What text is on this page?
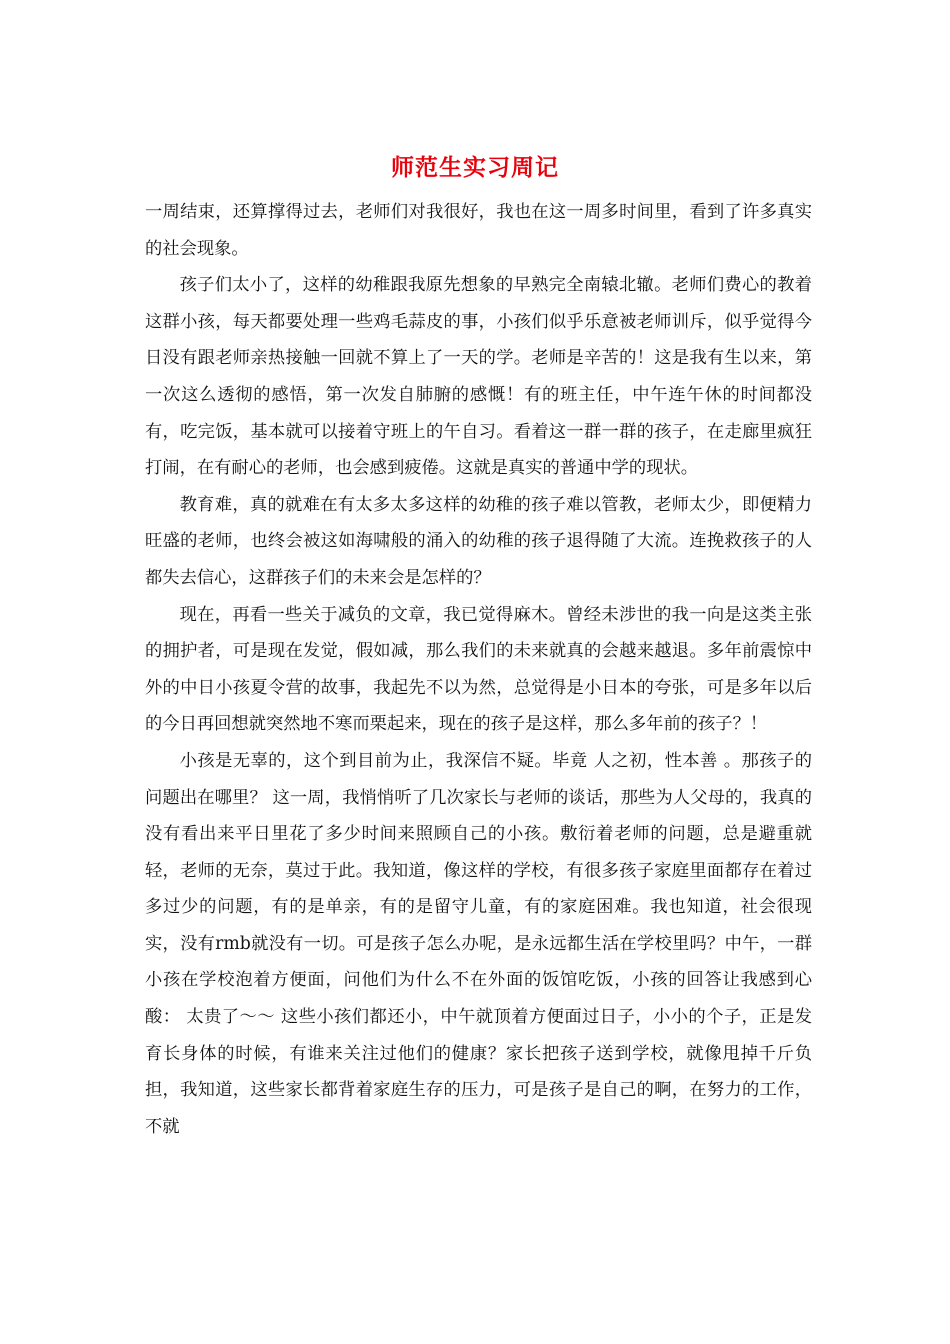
师范生实习周记

一周结束，还算撑得过去，老师们对我很好，我也在这一周多时间里，看到了许多真实的社会现象。

孩子们太小了，这样的幼稚跟我原先想象的早熟完全南辕北辙。老师们费心的教着这群小孩，每天都要处理一些鸡毛蒜皮的事，小孩们似乎乐意被老师训斥，似乎觉得今日没有跟老师亲热接触一回就不算上了一天的学。老师是辛苦的！这是我有生以来，第一次这么透彻的感悟，第一次发自肺腑的感慨！有的班主任，中午连午休的时间都没有，吃完饭，基本就可以接着守班上的午自习。看着这一群一群的孩子，在走廊里疯狂打闹，在有耐心的老师，也会感到疲倦。这就是真实的普通中学的现状。

教育难，真的就难在有太多太多这样的幼稚的孩子难以管教，老师太少，即便精力旺盛的老师，也终会被这如海啸般的涌入的幼稚的孩子退得随了大流。连挽救孩子的人都失去信心，这群孩子们的未来会是怎样的？

现在，再看一些关于减负的文章，我已觉得麻木。曾经未涉世的我一向是这类主张的拥护者，可是现在发觉，假如减，那么我们的未来就真的会越来越退。多年前震惊中外的中日小孩夏令营的故事，我起先不以为然，总觉得是小日本的夸张，可是多年以后的今日再回想就突然地不寒而栗起来，现在的孩子是这样，那么多年前的孩子？！

小孩是无辜的，这个到目前为止，我深信不疑。毕竟 人之初，性本善 。那孩子的问题出在哪里？ 这一周，我悄悄听了几次家长与老师的谈话，那些为人父母的，我真的没有看出来平日里花了多少时间来照顾自己的小孩。敷衍着老师的问题，总是避重就轻，老师的无奈，莫过于此。我知道，像这样的学校，有很多孩子家庭里面都存在着过多过少的问题，有的是单亲，有的是留守儿童，有的家庭困难。我也知道，社会很现实，没有rmb就没有一切。可是孩子怎么办呢，是永远都生活在学校里吗？中午，一群小孩在学校泡着方便面，问他们为什么不在外面的饭馆吃饭，小孩的回答让我感到心酸： 太贵了～～ 这些小孩们都还小，中午就顶着方便面过日子，小小的个子，正是发育长身体的时候，有谁来关注过他们的健康？家长把孩子送到学校，就像甩掉千斤负担，我知道，这些家长都背着家庭生存的压力，可是孩子是自己的啊，在努力的工作，不就
